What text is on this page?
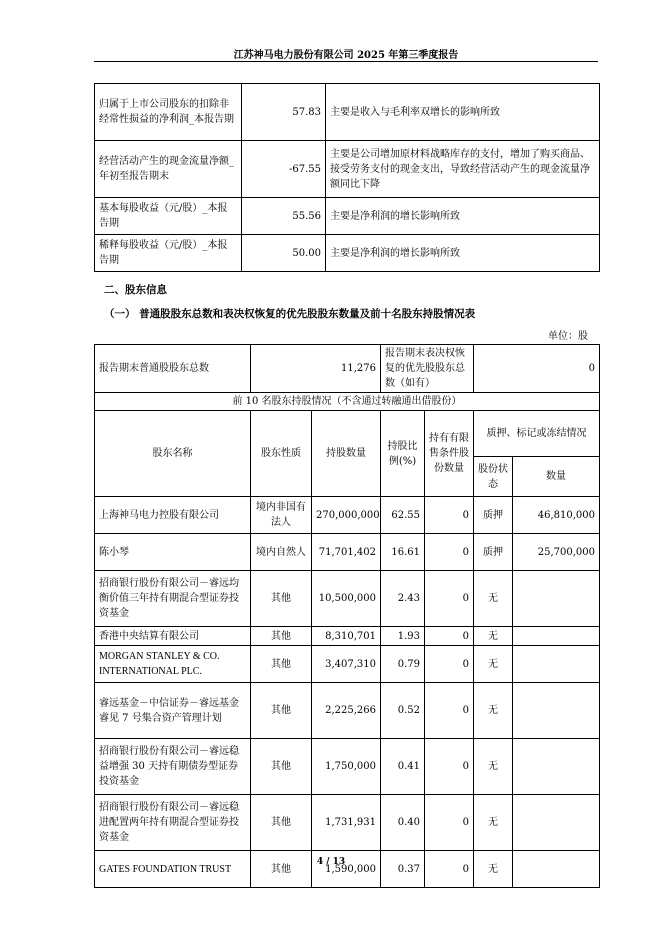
江苏神马电力股份有限公司 2025 年第三季度报告
归属于上市公司股东的扣除非经常性损益的净利润_本报告期	57.83	主要是收入与毛利率双增长的影响所致
经营活动产生的现金流量净额_年初至报告期末	-67.55	主要是公司增加原材料战略库存的支付，增加了购买商品、接受劳务支付的现金支出，导致经营活动产生的现金流量净额同比下降
基本每股收益（元/股）_本报告期	55.56	主要是净利润的增长影响所致
稀释每股收益（元/股）_本报告期	50.00	主要是净利润的增长影响所致
二、股东信息
（一） 普通股股东总数和表决权恢复的优先股股东数量及前十名股东持股情况表
单位：股
报告期末普通股股东总数	11,276		报告期末表决权恢复的优先股股东总数（如有）		0	
前 10 名股东持股情况（不含通过转融通出借股份）						
股东名称	股东性质	持股数量	持股比例(%)	持有有限售条件股份数量	质押、标记或冻结情况	
					股份状态	数量
上海神马电力控股有限公司	境内非国有法人	270,000,000	62.55	0	质押	46,810,000
陈小琴	境内自然人	71,701,402	16.61	0	质押	25,700,000
招商银行股份有限公司－睿远均衡价值三年持有期混合型证券投资基金	其他	10,500,000	2.43	0	无	
香港中央结算有限公司	其他	8,310,701	1.93	0	无	
MORGAN STANLEY & CO. INTERNATIONAL PLC.	其他	3,407,310	0.79	0	无	
睿远基金－中信证券－睿远基金睿见 7 号集合资产管理计划	其他	2,225,266	0.52	0	无	
招商银行股份有限公司－睿远稳益增强 30 天持有期债券型证券投资基金	其他	1,750,000	0.41	0	无	
招商银行股份有限公司－睿远稳进配置两年持有期混合型证券投资基金	其他	1,731,931	0.40	0	无	
GATES FOUNDATION TRUST	其他	1,590,000	0.37	0	无	
4 / 13
